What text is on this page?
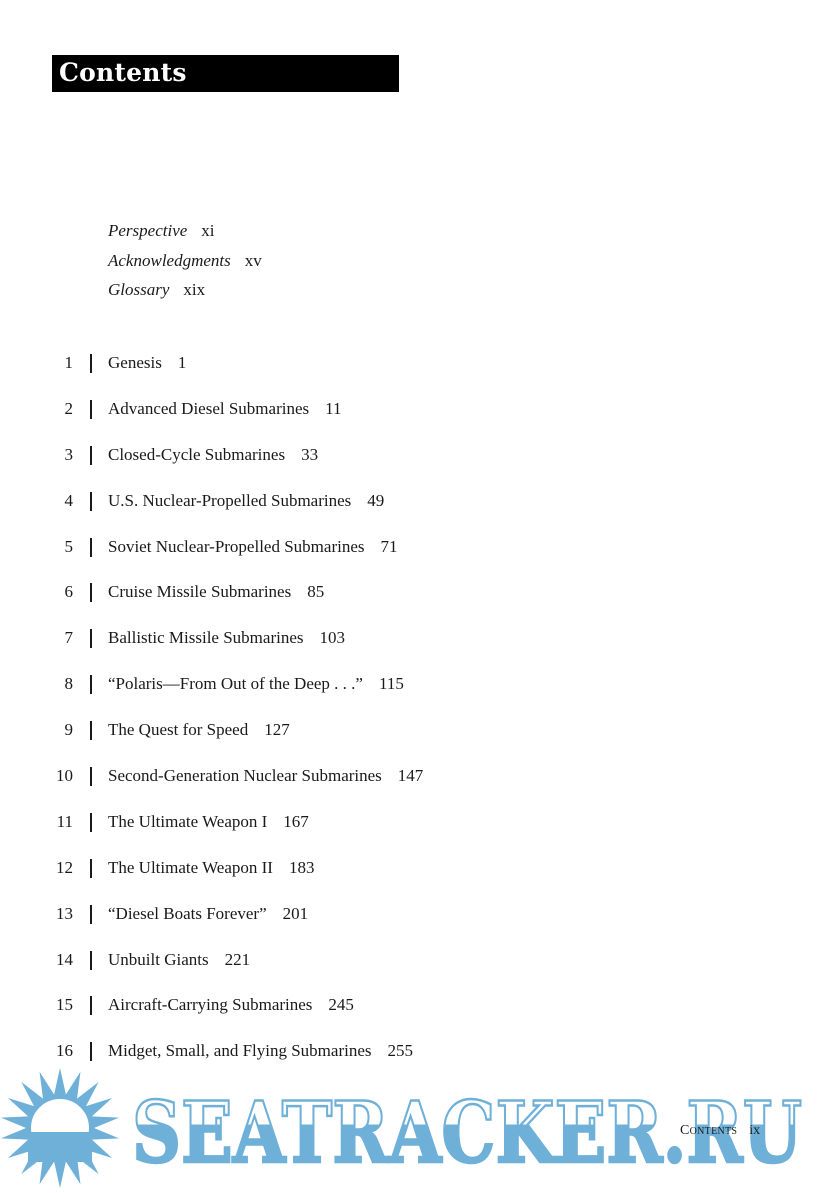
Contents
Perspective xi
Acknowledgments xv
Glossary xix
1 Genesis 1
2 Advanced Diesel Submarines 11
3 Closed-Cycle Submarines 33
4 U.S. Nuclear-Propelled Submarines 49
5 Soviet Nuclear-Propelled Submarines 71
6 Cruise Missile Submarines 85
7 Ballistic Missile Submarines 103
8 “Polaris—From Out of the Deep . . .” 115
9 The Quest for Speed 127
10 Second-Generation Nuclear Submarines 147
11 The Ultimate Weapon I 167
12 The Ultimate Weapon II 183
13 “Diesel Boats Forever” 201
14 Unbuilt Giants 221
15 Aircraft-Carrying Submarines 245
16 Midget, Small, and Flying Submarines 255
SEATRACKER.RU
Contents ix
